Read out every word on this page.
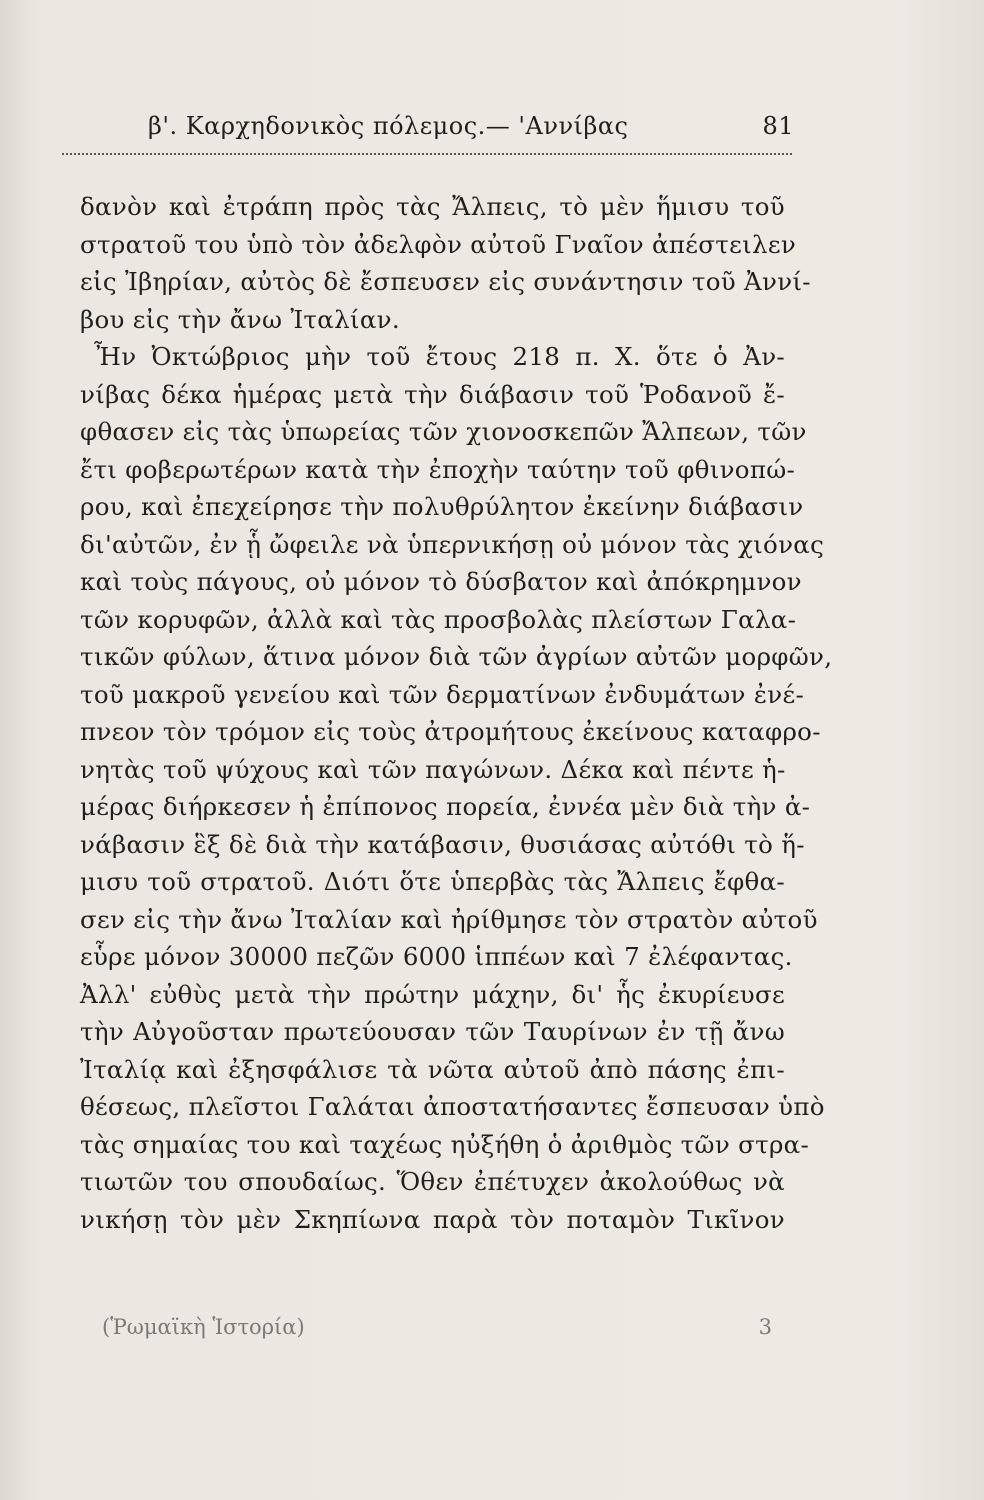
β'. Καρχηδονικὸς πόλεμος.— 'Αννίβας	81
δανὸν καὶ ἐτράπη πρὸς τὰς Ἄλπεις, τὸ μὲν ἥμισυ τοῦ
στρατοῦ του ὑπὸ τὸν ἀδελφὸν αὐτοῦ Γναῖον ἀπέστειλεν
εἰς Ἰβηρίαν, αὐτὸς δὲ ἔσπευσεν εἰς συνάντησιν τοῦ Ἀννί-
βου εἰς τὴν ἄνω Ἰταλίαν.
Ἦν Ὀκτώβριος μὴν τοῦ ἔτους 218 π. Χ. ὅτε ὁ Ἀν-
νίβας δέκα ἡμέρας μετὰ τὴν διάβασιν τοῦ Ῥοδανοῦ ἔ-
φθασεν εἰς τὰς ὑπωρείας τῶν χιονοσκεπῶν Ἄλπεων, τῶν
ἔτι φοβερωτέρων κατὰ τὴν ἐποχὴν ταύτην τοῦ φθινοπώ-
ρου, καὶ ἐπεχείρησε τὴν πολυθρύλητον ἐκείνην διάβασιν
δι'αὐτῶν, ἐν ᾗ ὤφειλε νὰ ὑπερνικήσῃ οὐ μόνον τὰς χιόνας
καὶ τοὺς πάγους, οὐ μόνον τὸ δύσβατον καὶ ἀπόκρημνον
τῶν κορυφῶν, ἀλλὰ καὶ τὰς προσβολὰς πλείστων Γαλα-
τικῶν φύλων, ἅτινα μόνον διὰ τῶν ἀγρίων αὐτῶν μορφῶν,
τοῦ μακροῦ γενείου καὶ τῶν δερματίνων ἐνδυμάτων ἐνέ-
πνεον τὸν τρόμον εἰς τοὺς ἀτρομήτους ἐκείνους καταφρο-
νητὰς τοῦ ψύχους καὶ τῶν παγώνων. Δέκα καὶ πέντε ἡ-
μέρας διήρκεσεν ἡ ἐπίπονος πορεία, ἐννέα μὲν διὰ τὴν ἀ-
νάβασιν ἓξ δὲ διὰ τὴν κατάβασιν, θυσιάσας αὐτόθι τὸ ἥ-
μισυ τοῦ στρατοῦ. Διότι ὅτε ὑπερβὰς τὰς Ἄλπεις ἔφθα-
σεν εἰς τὴν ἄνω Ἰταλίαν καὶ ἠρίθμησε τὸν στρατὸν αὐτοῦ
εὗρε μόνον 30000 πεζῶν 6000 ἱππέων καὶ 7 ἐλέφαντας.
Ἀλλ' εὐθὺς μετὰ τὴν πρώτην μάχην, δι' ἧς ἐκυρίευσε
τὴν Αὐγοῦσταν πρωτεύουσαν τῶν Ταυρίνων ἐν τῇ ἄνω
Ἰταλίᾳ καὶ ἐξησφάλισε τὰ νῶτα αὐτοῦ ἀπὸ πάσης ἐπι-
θέσεως, πλεῖστοι Γαλάται ἀποστατήσαντες ἔσπευσαν ὑπὸ
τὰς σημαίας του καὶ ταχέως ηὐξήθη ὁ ἀριθμὸς τῶν στρα-
τιωτῶν του σπουδαίως. Ὅθεν ἐπέτυχεν ἀκολούθως νὰ
νικήσῃ τὸν μὲν Σκηπίωνα παρὰ τὸν ποταμὸν Τικῖνον
(Ῥωμαϊκὴ Ἱστορία)	3
